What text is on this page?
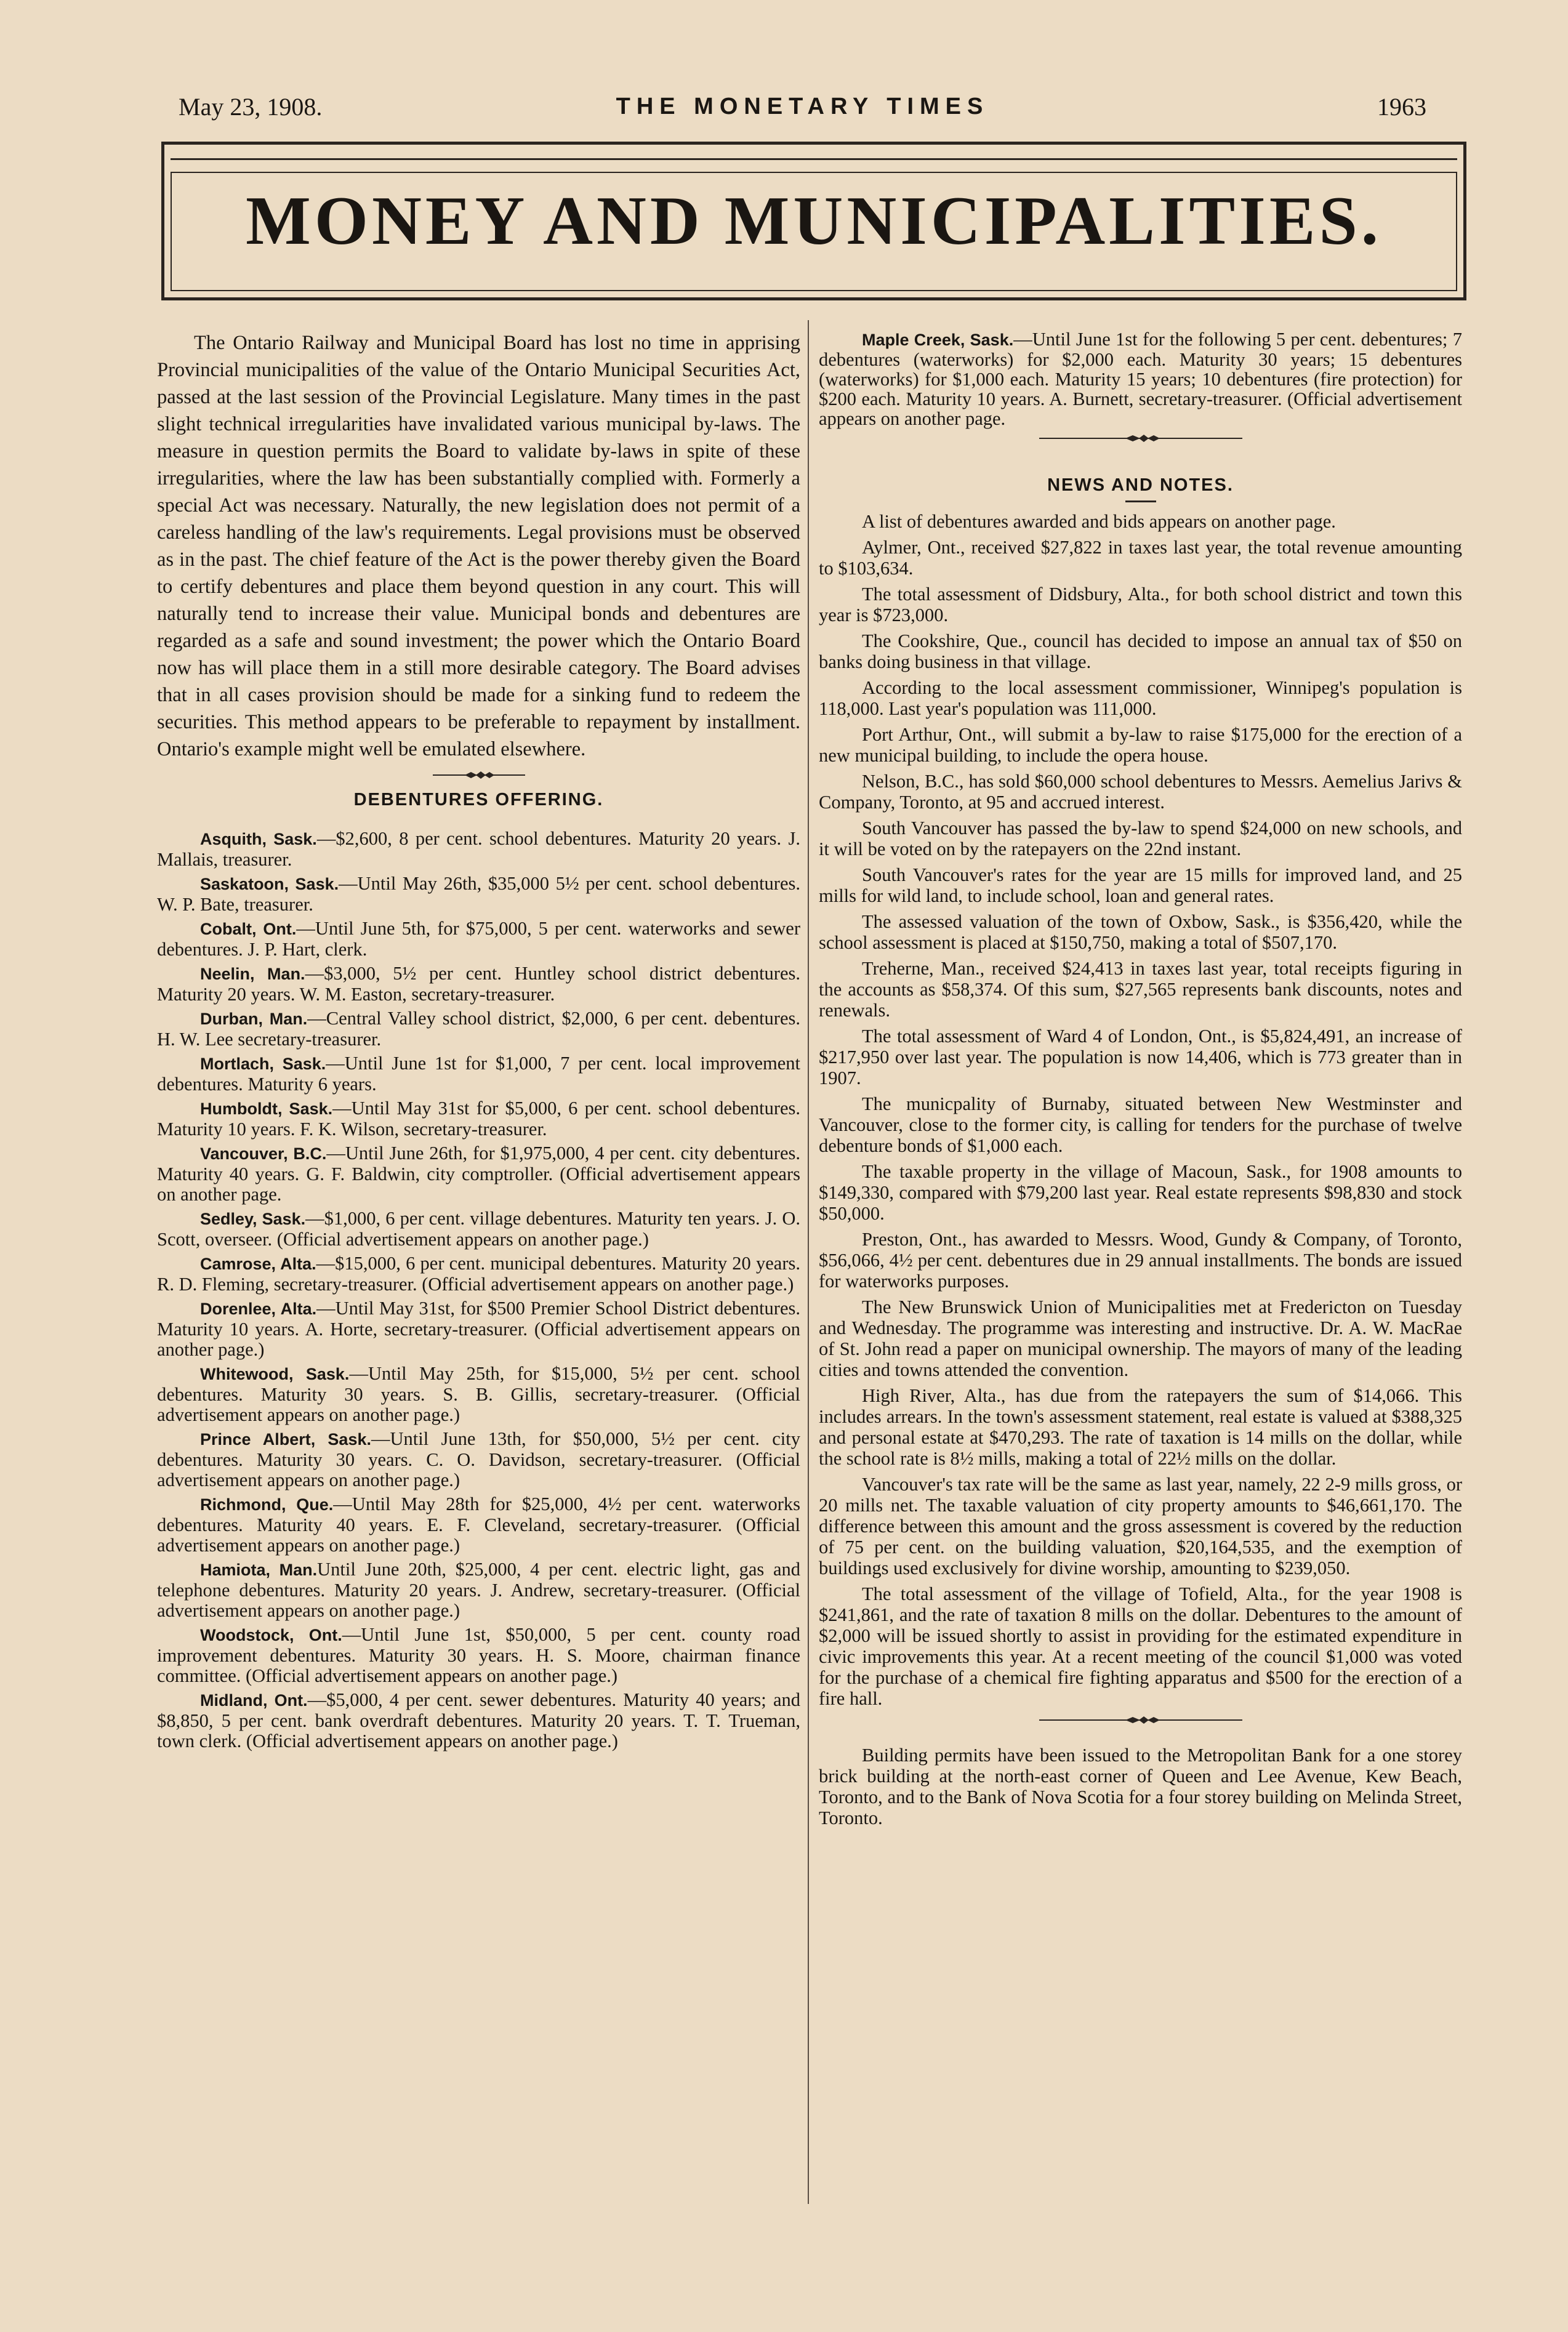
May 23, 1908.	THE MONETARY TIMES	1963
MONEY AND MUNICIPALITIES.

The Ontario Railway and Municipal Board has lost no time in apprising Provincial municipalities of the value of the Ontario Municipal Securities Act, passed at the last session of the Provincial Legislature. Many times in the past slight technical irregularities have invalidated various municipal by-laws. The measure in question permits the Board to validate by-laws in spite of these irregularities, where the law has been substantially complied with. Formerly a special Act was necessary. Naturally, the new legislation does not permit of a careless handling of the law's requirements. Legal provisions must be observed as in the past. The chief feature of the Act is the power thereby given the Board to certify debentures and place them beyond question in any court. This will naturally tend to increase their value. Municipal bonds and debentures are regarded as a safe and sound investment; the power which the Ontario Board now has will place them in a still more desirable category. The Board advises that in all cases provision should be made for a sinking fund to redeem the securities. This method appears to be preferable to repayment by installment. Ontario's example might well be emulated elsewhere.

DEBENTURES OFFERING.

Asquith, Sask.—$2,600, 8 per cent. school debentures. Maturity 20 years. J. Mallais, treasurer.

Saskatoon, Sask.—Until May 26th, $35,000 5½ per cent. school debentures. W. P. Bate, treasurer.

Cobalt, Ont.—Until June 5th, for $75,000, 5 per cent. waterworks and sewer debentures. J. P. Hart, clerk.

Neelin, Man.—$3,000, 5½ per cent. Huntley school district debentures. Maturity 20 years. W. M. Easton, secretary-treasurer.

Durban, Man.—Central Valley school district, $2,000, 6 per cent. debentures. H. W. Lee secretary-treasurer.

Mortlach, Sask.—Until June 1st for $1,000, 7 per cent. local improvement debentures. Maturity 6 years.

Humboldt, Sask.—Until May 31st for $5,000, 6 per cent. school debentures. Maturity 10 years. F. K. Wilson, secretary-treasurer.

Vancouver, B.C.—Until June 26th, for $1,975,000, 4 per cent. city debentures. Maturity 40 years. G. F. Baldwin, city comptroller. (Official advertisement appears on another page.

Sedley, Sask.—$1,000, 6 per cent. village debentures. Maturity ten years. J. O. Scott, overseer. (Official advertisement appears on another page.)

Camrose, Alta.—$15,000, 6 per cent. municipal debentures. Maturity 20 years. R. D. Fleming, secretary-treasurer. (Official advertisement appears on another page.)

Dorenlee, Alta.—Until May 31st, for $500 Premier School District debentures. Maturity 10 years. A. Horte, secretary-treasurer. (Official advertisement appears on another page.)

Whitewood, Sask.—Until May 25th, for $15,000, 5½ per cent. school debentures. Maturity 30 years. S. B. Gillis, secretary-treasurer. (Official advertisement appears on another page.)

Prince Albert, Sask.—Until June 13th, for $50,000, 5½ per cent. city debentures. Maturity 30 years. C. O. Davidson, secretary-treasurer. (Official advertisement appears on another page.)

Richmond, Que.—Until May 28th for $25,000, 4½ per cent. waterworks debentures. Maturity 40 years. E. F. Cleveland, secretary-treasurer. (Official advertisement appears on another page.)

Hamiota, Man.Until June 20th, $25,000, 4 per cent. electric light, gas and telephone debentures. Maturity 20 years. J. Andrew, secretary-treasurer. (Official advertisement appears on another page.)

Woodstock, Ont.—Until June 1st, $50,000, 5 per cent. county road improvement debentures. Maturity 30 years. H. S. Moore, chairman finance committee. (Official advertisement appears on another page.)

Midland, Ont.—$5,000, 4 per cent. sewer debentures. Maturity 40 years; and $8,850, 5 per cent. bank overdraft debentures. Maturity 20 years. T. T. Trueman, town clerk. (Official advertisement appears on another page.)

Maple Creek, Sask.—Until June 1st for the following 5 per cent. debentures; 7 debentures (waterworks) for $2,000 each. Maturity 30 years; 15 debentures (waterworks) for $1,000 each. Maturity 15 years; 10 debentures (fire protection) for $200 each. Maturity 10 years. A. Burnett, secretary-treasurer. (Official advertisement appears on another page.

NEWS AND NOTES.

A list of debentures awarded and bids appears on another page.

Aylmer, Ont., received $27,822 in taxes last year, the total revenue amounting to $103,634.

The total assessment of Didsbury, Alta., for both school district and town this year is $723,000.

The Cookshire, Que., council has decided to impose an annual tax of $50 on banks doing business in that village.

According to the local assessment commissioner, Winnipeg's population is 118,000. Last year's population was 111,000.

Port Arthur, Ont., will submit a by-law to raise $175,000 for the erection of a new municipal building, to include the opera house.

Nelson, B.C., has sold $60,000 school debentures to Messrs. Aemelius Jarivs & Company, Toronto, at 95 and accrued interest.

South Vancouver has passed the by-law to spend $24,000 on new schools, and it will be voted on by the ratepayers on the 22nd instant.

South Vancouver's rates for the year are 15 mills for improved land, and 25 mills for wild land, to include school, loan and general rates.

The assessed valuation of the town of Oxbow, Sask., is $356,420, while the school assessment is placed at $150,750, making a total of $507,170.

Treherne, Man., received $24,413 in taxes last year, total receipts figuring in the accounts as $58,374. Of this sum, $27,565 represents bank discounts, notes and renewals.

The total assessment of Ward 4 of London, Ont., is $5,824,491, an increase of $217,950 over last year. The population is now 14,406, which is 773 greater than in 1907.

The municpality of Burnaby, situated between New Westminster and Vancouver, close to the former city, is calling for tenders for the purchase of twelve debenture bonds of $1,000 each.

The taxable property in the village of Macoun, Sask., for 1908 amounts to $149,330, compared with $79,200 last year. Real estate represents $98,830 and stock $50,000.

Preston, Ont., has awarded to Messrs. Wood, Gundy & Company, of Toronto, $56,066, 4½ per cent. debentures due in 29 annual installments. The bonds are issued for waterworks purposes.

The New Brunswick Union of Municipalities met at Fredericton on Tuesday and Wednesday. The programme was interesting and instructive. Dr. A. W. MacRae of St. John read a paper on municipal ownership. The mayors of many of the leading cities and towns attended the convention.

High River, Alta., has due from the ratepayers the sum of $14,066. This includes arrears. In the town's assessment statement, real estate is valued at $388,325 and personal estate at $470,293. The rate of taxation is 14 mills on the dollar, while the school rate is 8½ mills, making a total of 22½ mills on the dollar.

Vancouver's tax rate will be the same as last year, namely, 22 2-9 mills gross, or 20 mills net. The taxable valuation of city property amounts to $46,661,170. The difference between this amount and the gross assessment is covered by the reduction of 75 per cent. on the building valuation, $20,164,535, and the exemption of buildings used exclusively for divine worship, amounting to $239,050.

The total assessment of the village of Tofield, Alta., for the year 1908 is $241,861, and the rate of taxation 8 mills on the dollar. Debentures to the amount of $2,000 will be issued shortly to assist in providing for the estimated expenditure in civic improvements this year. At a recent meeting of the council $1,000 was voted for the purchase of a chemical fire fighting apparatus and $500 for the erection of a fire hall.

Building permits have been issued to the Metropolitan Bank for a one storey brick building at the north-east corner of Queen and Lee Avenue, Kew Beach, Toronto, and to the Bank of Nova Scotia for a four storey building on Melinda Street, Toronto.
